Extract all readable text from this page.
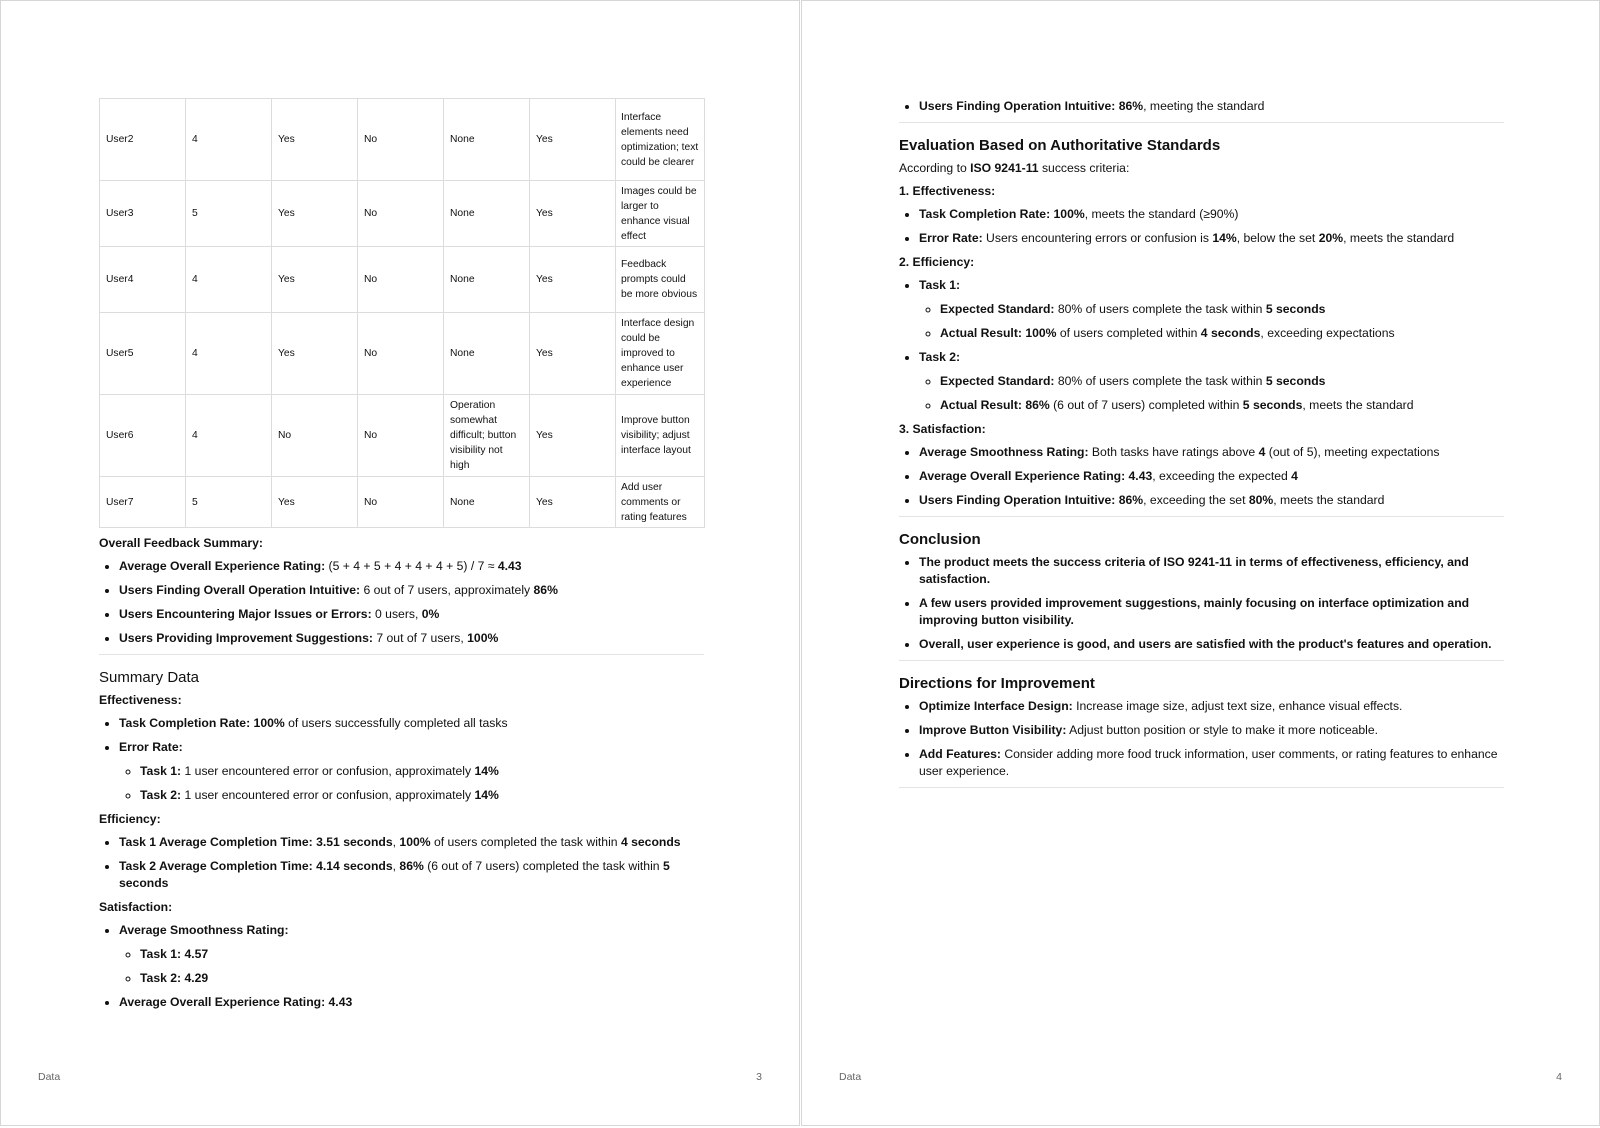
User2	4	Yes	No	None	Yes	Interface elements need optimization; text could be clearer
User3	5	Yes	No	None	Yes	Images could be larger to enhance visual effect
User4	4	Yes	No	None	Yes	Feedback prompts could be more obvious
User5	4	Yes	No	None	Yes	Interface design could be improved to enhance user experience
User6	4	No	No	Operation somewhat difficult; button visibility not high	Yes	Improve button visibility; adjust interface layout
User7	5	Yes	No	None	Yes	Add user comments or rating features
Overall Feedback Summary:
• Average Overall Experience Rating: (5 + 4 + 5 + 4 + 4 + 4 + 5) / 7 ≈ 4.43
• Users Finding Overall Operation Intuitive: 6 out of 7 users, approximately 86%
• Users Encountering Major Issues or Errors: 0 users, 0%
• Users Providing Improvement Suggestions: 7 out of 7 users, 100%
Summary Data
Effectiveness:
• Task Completion Rate: 100% of users successfully completed all tasks
• Error Rate:
◦ Task 1: 1 user encountered error or confusion, approximately 14%
◦ Task 2: 1 user encountered error or confusion, approximately 14%
Efficiency:
• Task 1 Average Completion Time: 3.51 seconds, 100% of users completed the task within 4 seconds
• Task 2 Average Completion Time: 4.14 seconds, 86% (6 out of 7 users) completed the task within 5 seconds
Satisfaction:
• Average Smoothness Rating:
◦ Task 1: 4.57
◦ Task 2: 4.29
• Average Overall Experience Rating: 4.43
Data	3
• Users Finding Operation Intuitive: 86%, meeting the standard
Evaluation Based on Authoritative Standards
According to ISO 9241-11 success criteria:
1. Effectiveness:
• Task Completion Rate: 100%, meets the standard (≥90%)
• Error Rate: Users encountering errors or confusion is 14%, below the set 20%, meets the standard
2. Efficiency:
• Task 1:
◦ Expected Standard: 80% of users complete the task within 5 seconds
◦ Actual Result: 100% of users completed within 4 seconds, exceeding expectations
• Task 2:
◦ Expected Standard: 80% of users complete the task within 5 seconds
◦ Actual Result: 86% (6 out of 7 users) completed within 5 seconds, meets the standard
3. Satisfaction:
• Average Smoothness Rating: Both tasks have ratings above 4 (out of 5), meeting expectations
• Average Overall Experience Rating: 4.43, exceeding the expected 4
• Users Finding Operation Intuitive: 86%, exceeding the set 80%, meets the standard
Conclusion
• The product meets the success criteria of ISO 9241-11 in terms of effectiveness, efficiency, and satisfaction.
• A few users provided improvement suggestions, mainly focusing on interface optimization and improving button visibility.
• Overall, user experience is good, and users are satisfied with the product's features and operation.
Directions for Improvement
• Optimize Interface Design: Increase image size, adjust text size, enhance visual effects.
• Improve Button Visibility: Adjust button position or style to make it more noticeable.
• Add Features: Consider adding more food truck information, user comments, or rating features to enhance user experience.
Data	4
